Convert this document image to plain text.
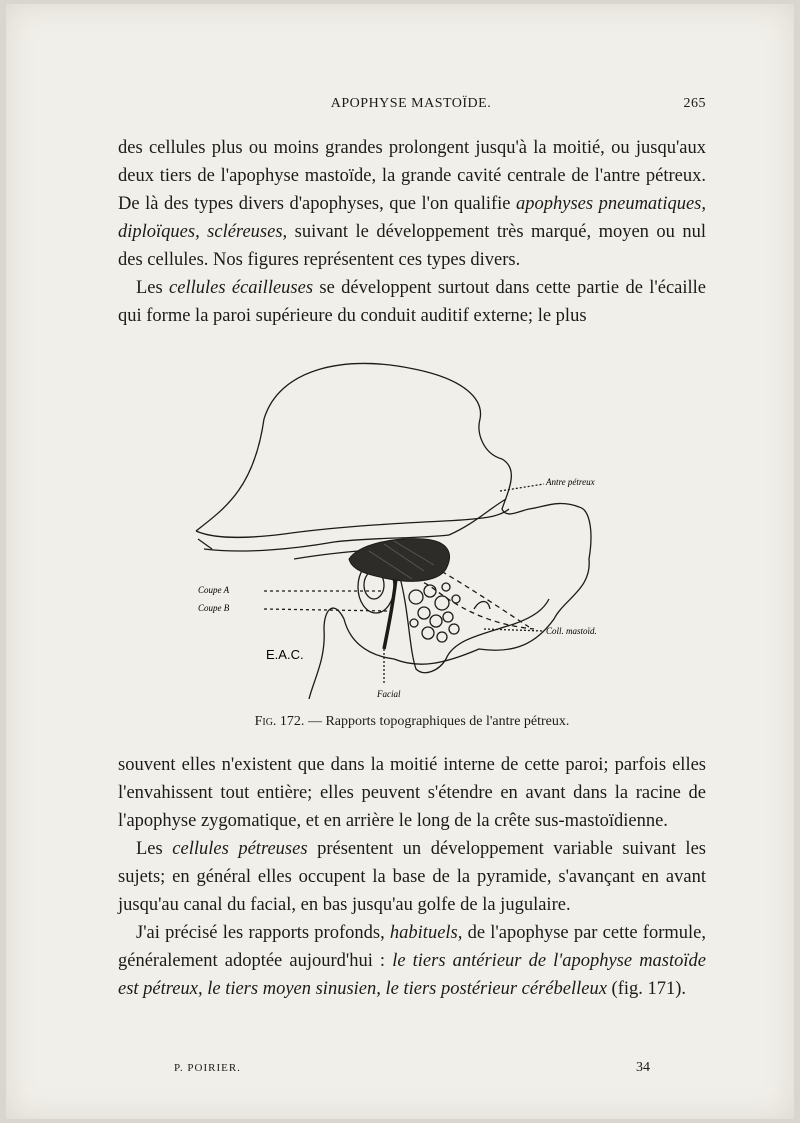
APOPHYSE MASTOÏDE.	265

des cellules plus ou moins grandes prolongent jusqu'à la moitié, ou jusqu'aux deux tiers de l'apophyse mastoïde, la grande cavité centrale de l'antre pétreux. De là des types divers d'apophyses, que l'on qualifie apophyses pneumatiques, diploïques, scléreuses, suivant le développement très marqué, moyen ou nul des cellules. Nos figures représentent ces types divers.

Les cellules écailleuses se développent surtout dans cette partie de l'écaille qui forme la paroi supérieure du conduit auditif externe; le plus

Antre pétreux
Coupe A
Coupe B
Coll. mastoïd.
E.A.C.
Facial
Fig. 172. — Rapports topographiques de l'antre pétreux.

souvent elles n'existent que dans la moitié interne de cette paroi; parfois elles l'envahissent tout entière; elles peuvent s'étendre en avant dans la racine de l'apophyse zygomatique, et en arrière le long de la crête sus-mastoïdienne.

Les cellules pétreuses présentent un développement variable suivant les sujets; en général elles occupent la base de la pyramide, s'avançant en avant jusqu'au canal du facial, en bas jusqu'au golfe de la jugulaire.

J'ai précisé les rapports profonds, habituels, de l'apophyse par cette formule, généralement adoptée aujourd'hui : le tiers antérieur de l'apophyse mastoïde est pétreux, le tiers moyen sinusien, le tiers postérieur cérébelleux (fig. 171).

P. POIRIER.	34
